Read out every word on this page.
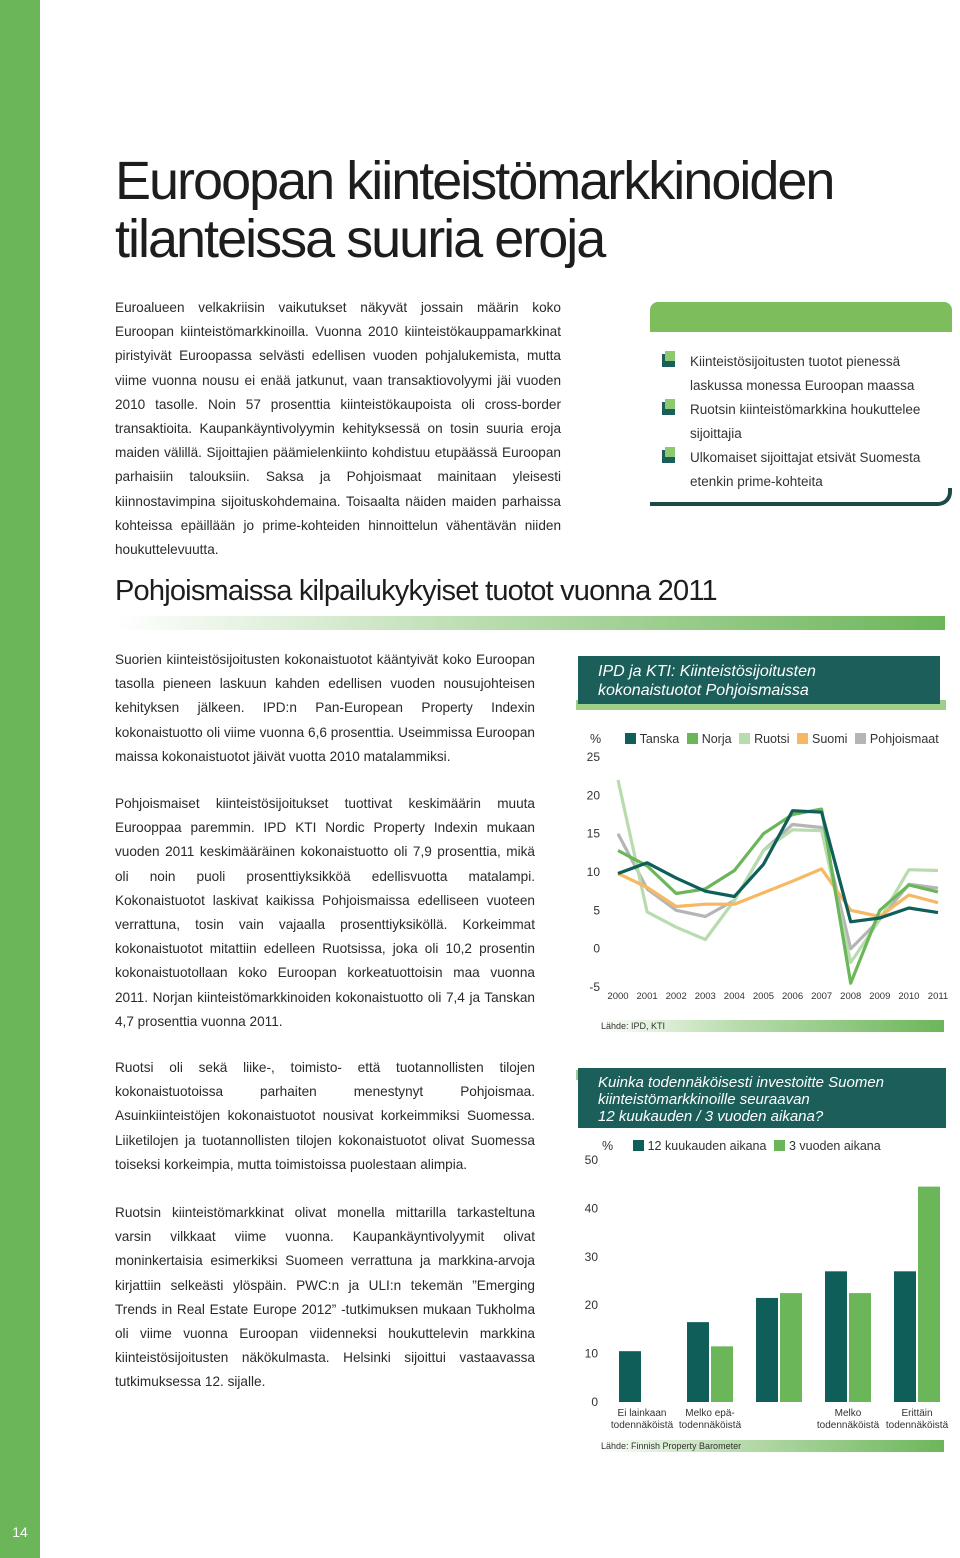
14
Euroopan kiinteistömarkkinoiden
tilanteissa suuria eroja
Euroalueen velkakriisin vaikutukset näkyvät jossain määrin koko Euroopan kiinteistömarkkinoilla. Vuonna 2010 kiinteistökauppamarkkinat piristyivät Euroopassa selvästi edellisen vuoden pohjalukemista, mutta viime vuonna nousu ei enää jatkunut, vaan transaktiovolyymi jäi vuoden 2010 tasolle. Noin 57 prosenttia kiinteistökaupoista oli cross-border transaktioita. Kaupankäyntivolyymin kehityksessä on tosin suuria eroja maiden välillä. Sijoittajien päämielenkiinto kohdistuu etupäässä Euroopan parhaisiin talouksiin. Saksa ja Pohjoismaat mainitaan yleisesti kiinnostavimpina sijoituskohdemaina. Toisaalta näiden maiden parhaissa kohteissa epäillään jo prime-kohteiden hinnoittelun vähentävän niiden houkuttelevuutta.
Kiinteistösijoitusten tuotot pienessä laskussa monessa Euroopan maassa
Ruotsin kiinteistömarkkina houkuttelee sijoittajia
Ulkomaiset sijoittajat etsivät Suomesta etenkin prime-kohteita
Pohjoismaissa kilpailukykyiset tuotot vuonna 2011
Suorien kiinteistösijoitusten kokonaistuotot kääntyivät koko Euroopan tasolla pieneen laskuun kahden edellisen vuoden nousujohteisen kehityksen jälkeen. IPD:n Pan-European Property Indexin kokonaistuotto oli viime vuonna 6,6 prosenttia. Useimmissa Euroopan maissa kokonaistuotot jäivät vuotta 2010 matalammiksi.
Pohjoismaiset kiinteistösijoitukset tuottivat keskimäärin muuta Eurooppaa paremmin. IPD KTI Nordic Property Indexin mukaan vuoden 2011 keskimääräinen kokonaistuotto oli 7,9 prosenttia, mikä oli noin puoli prosenttiyksikköä edellisvuotta matalampi. Kokonaistuotot laskivat kaikissa Pohjoismaissa edelliseen vuoteen verrattuna, tosin vain vajaalla prosenttiyksiköllä. Korkeimmat kokonaistuotot mitattiin edelleen Ruotsissa, joka oli 10,2 prosentin kokonaistuotollaan koko Euroopan korkeatuottoisin maa vuonna 2011. Norjan kiinteistömarkkinoiden kokonaistuotto oli 7,4 ja Tanskan 4,7 prosenttia vuonna 2011.
Ruotsi oli sekä liike-, toimisto- että tuotannollisten tilojen kokonaistuotoissa parhaiten menestynyt Pohjoismaa. Asuinkiinteistöjen kokonaistuotot nousivat korkeimmiksi Suomessa. Liiketilojen ja tuotannollisten tilojen kokonaistuotot olivat Suomessa toiseksi korkeimpia, mutta toimistoissa puolestaan alimpia.
Ruotsin kiinteistömarkkinat olivat monella mittarilla tarkasteltuna varsin vilkkaat viime vuonna. Kaupankäyntivolyymit olivat moninkertaisia esimerkiksi Suomeen verrattuna ja markkina-arvoja kirjattiin selkeästi ylöspäin. PWC:n ja ULI:n tekemän ”Emerging Trends in Real Estate Europe 2012” -tutkimuksen mukaan Tukholma oli viime vuonna Euroopan viidenneksi houkuttelevin markkina kiinteistösijoitusten näkökulmasta. Helsinki sijoittui vastaavassa tutkimuksessa 12. sijalle.
IPD ja KTI: Kiinteistösijoitusten
kokonaistuotot Pohjoismaissa
%	Tanska Norja Ruotsi Suomi Pohjoismaat
-5
0
5
10
15
20
25
2000 2001 2002 2003 2004 2005 2006 2007 2008 2009 2010 2011
Lähde: IPD, KTI
Kuinka todennäköisesti investoitte Suomen
kiinteistömarkkinoille seuraavan
12 kuukauden / 3 vuoden aikana?
%	12 kuukauden aikana 3 vuoden aikana
0
10
20
30
40
50
Ei lainkaan
todennäköistä
Melko epä-
todennäköistä
Melko
todennäköistä
Erittäin
todennäköistä
Lähde: Finnish Property Barometer
